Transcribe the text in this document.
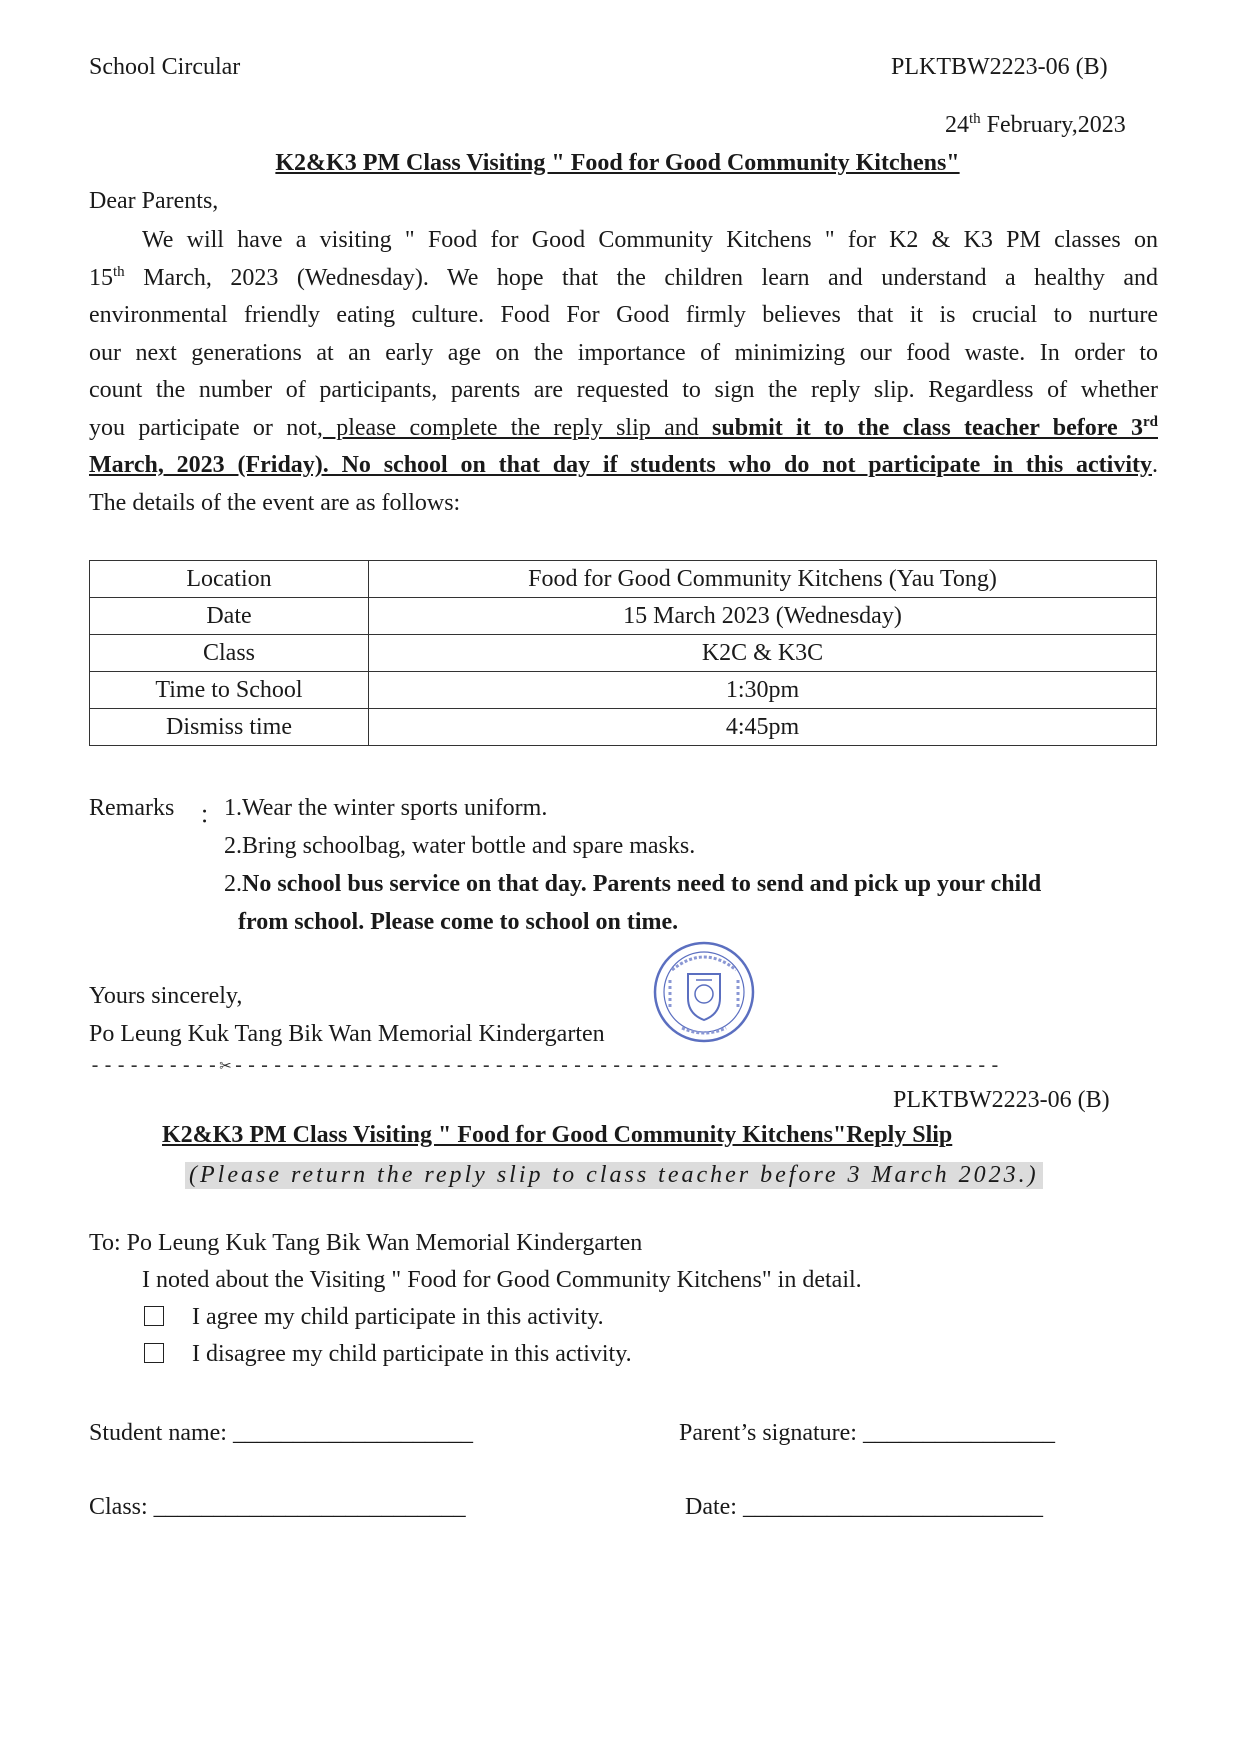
School Circular	PLKTBW2223-06 (B)
24th February,2023
K2&K3 PM Class Visiting " Food for Good Community Kitchens"
Dear Parents,
We will have a visiting " Food for Good Community Kitchens " for K2 & K3 PM classes on
15th March, 2023 (Wednesday). We hope that the children learn and understand a healthy and
environmental friendly eating culture. Food For Good firmly believes that it is crucial to nurture
our next generations at an early age on the importance of minimizing our food waste. In order to
count the number of participants, parents are requested to sign the reply slip. Regardless of whether
you participate or not, please complete the reply slip and submit it to the class teacher before 3rd
March, 2023 (Friday). No school on that day if students who do not participate in this activity.
The details of the event are as follows:
Location	Food for Good Community Kitchens (Yau Tong)
Date	15 March 2023 (Wednesday)
Class	K2C & K3C
Time to School	1:30pm
Dismiss time	4:45pm
Remarks ： 1.Wear the winter sports uniform.
2.Bring schoolbag, water bottle and spare masks.
2.No school bus service on that day. Parents need to send and pick up your child
from school. Please come to school on time.
Yours sincerely,
Po Leung Kuk Tang Bik Wan Memorial Kindergarten
----------✂-----------------------------------------------------------
PLKTBW2223-06 (B)
K2&K3 PM Class Visiting " Food for Good Community Kitchens"Reply Slip
(Please return the reply slip to class teacher before 3 March 2023.)
To: Po Leung Kuk Tang Bik Wan Memorial Kindergarten
I noted about the Visiting " Food for Good Community Kitchens" in detail.
I agree my child participate in this activity.
I disagree my child participate in this activity.
Student name: ____________________	Parent’s signature: ________________
Class: __________________________	Date: _________________________
